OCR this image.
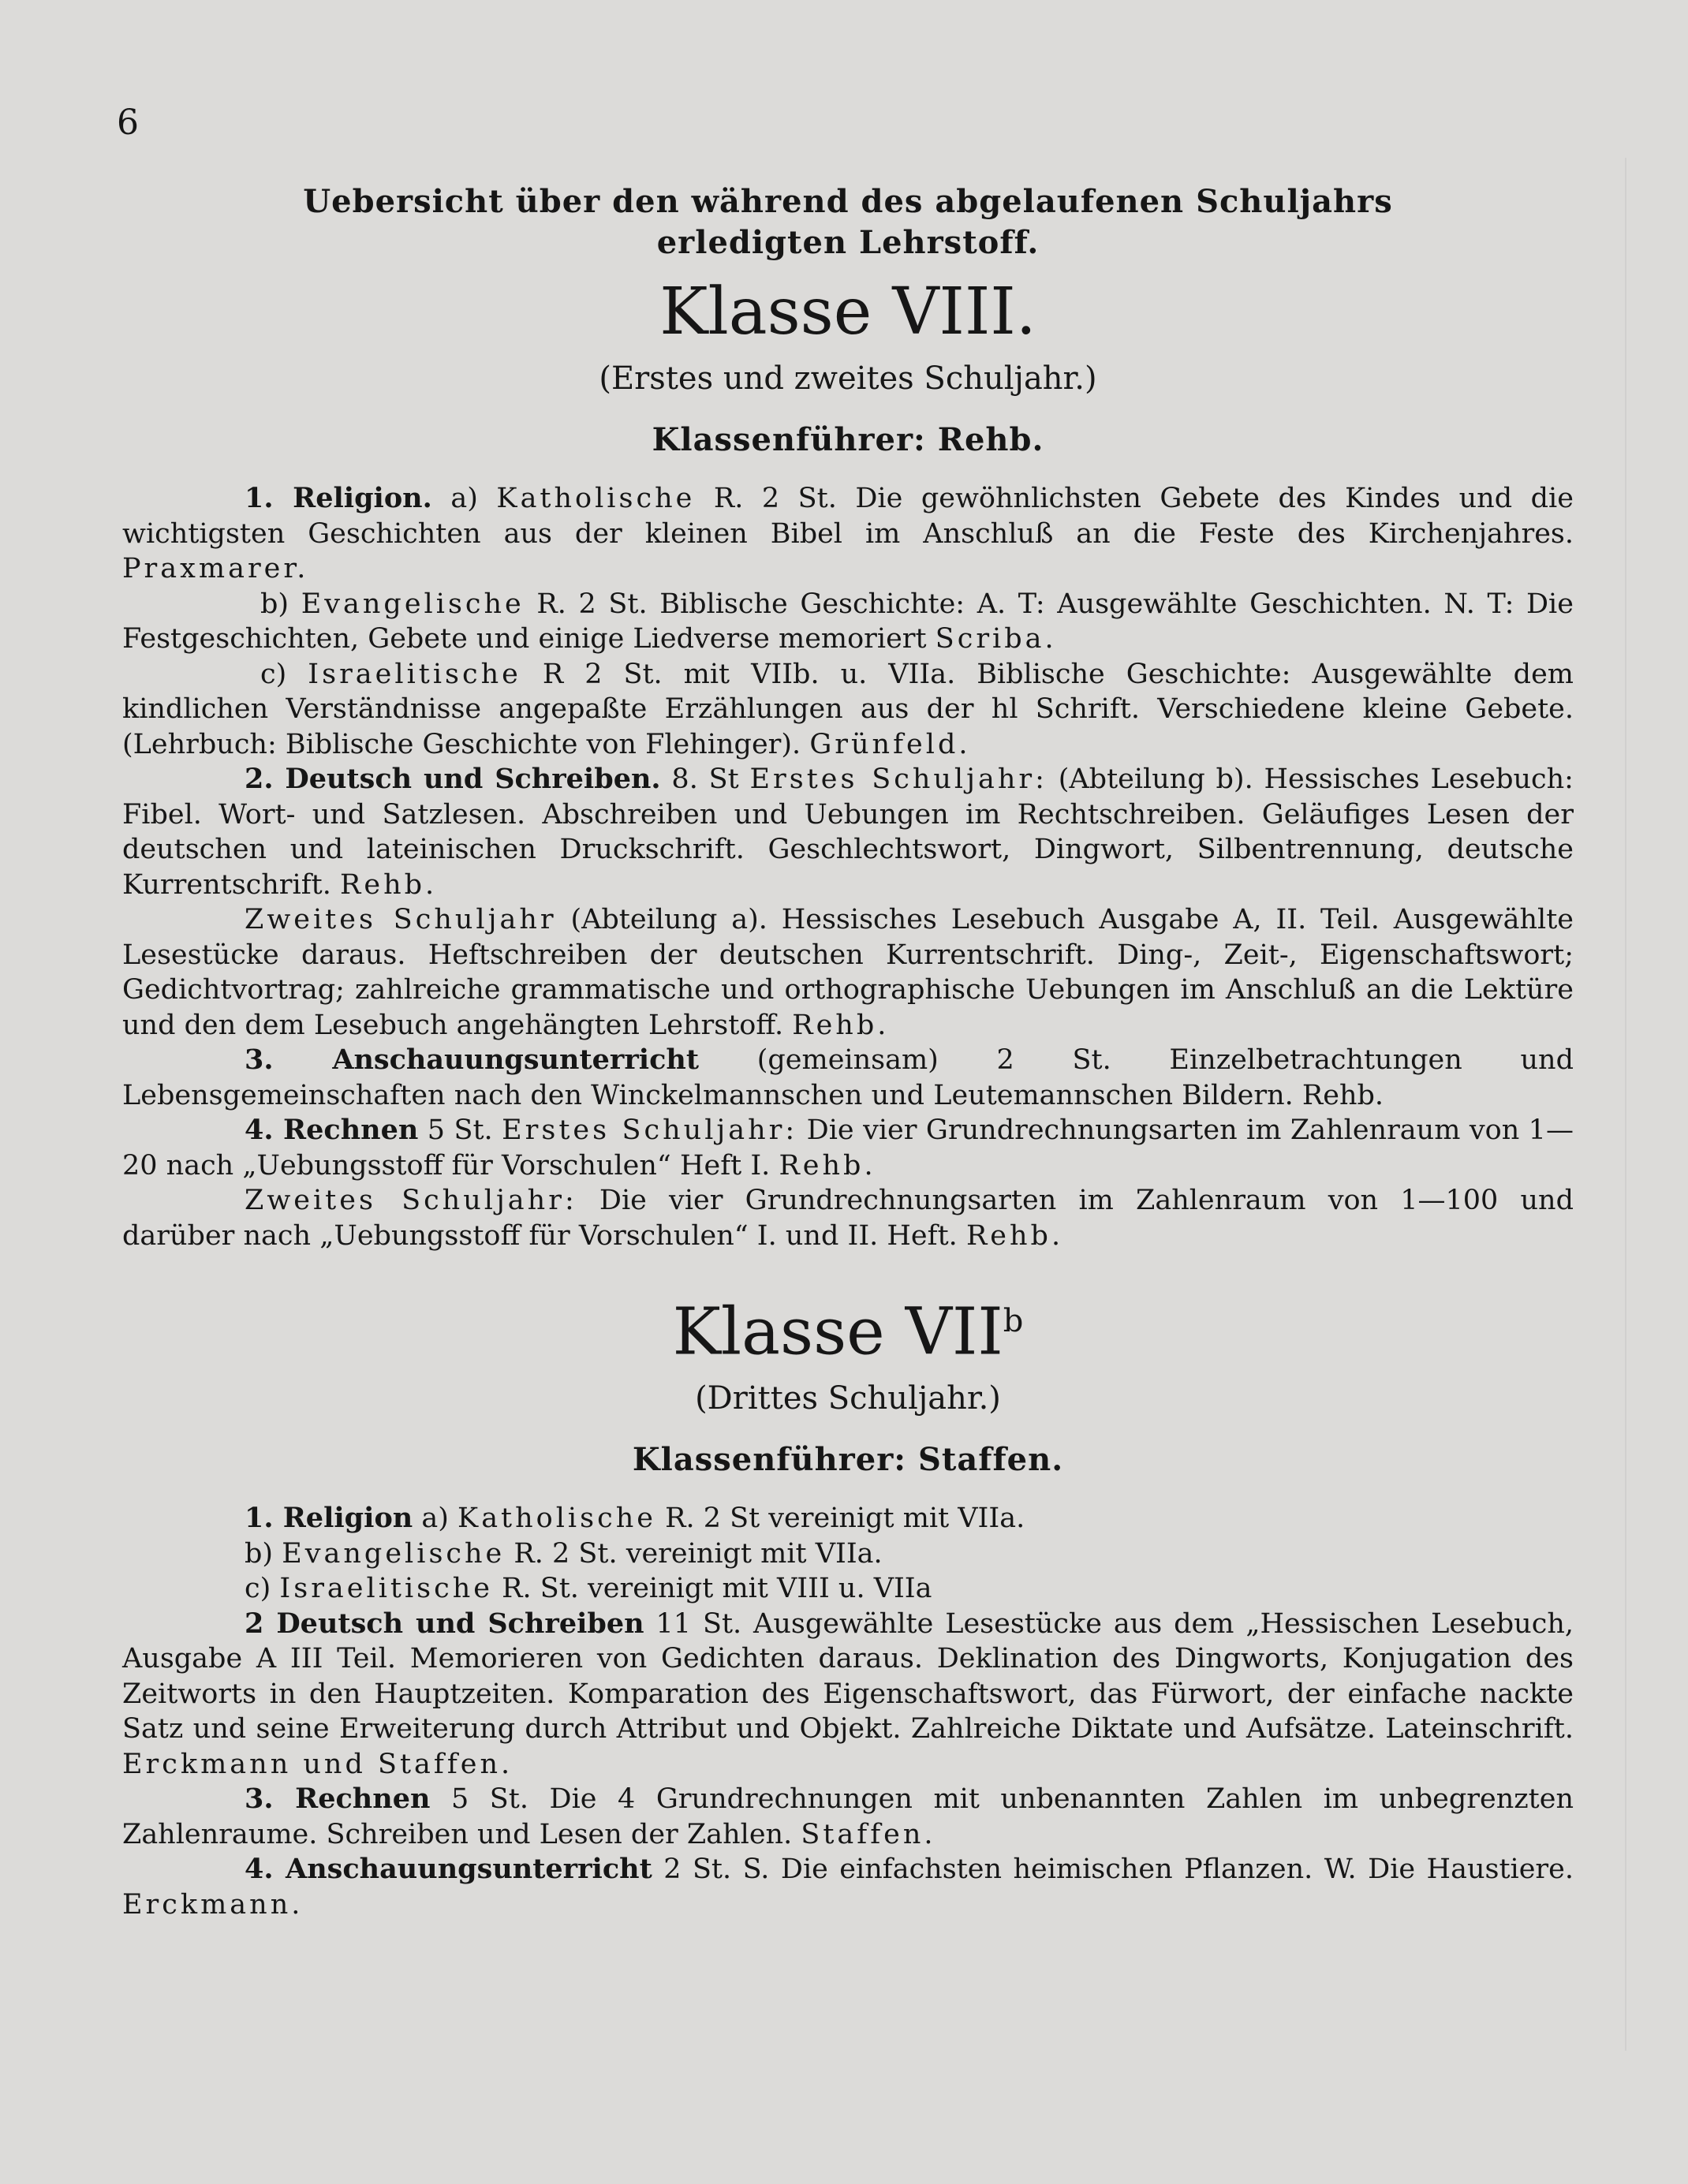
6
Uebersicht über den während des abgelaufenen Schuljahrs erledigten Lehrstoff.
Klasse VIII.
(Erstes und zweites Schuljahr.)
Klassenführer: Rehb.

1. Religion. a) Katholische R. 2 St. Die gewöhnlichsten Gebete des Kindes und die wichtigsten Geschichten aus der kleinen Bibel im Anschluß an die Feste des Kirchenjahres. Praxmarer.

b) Evangelische R. 2 St. Biblische Geschichte: A. T: Ausgewählte Geschichten. N. T: Die Festgeschichten, Gebete und einige Liedverse memoriert Scriba.

c) Israelitische R 2 St. mit VIIb. u. VIIa. Biblische Geschichte: Ausgewählte dem kindlichen Verständnisse angepaßte Erzählungen aus der hl Schrift. Verschiedene kleine Gebete. (Lehrbuch: Biblische Geschichte von Flehinger). Grünfeld.

2. Deutsch und Schreiben. 8. St Erstes Schuljahr: (Abteilung b). Hessisches Lesebuch: Fibel. Wort- und Satzlesen. Abschreiben und Uebungen im Rechtschreiben. Geläufiges Lesen der deutschen und lateinischen Druckschrift. Geschlechtswort, Dingwort, Silbentrennung, deutsche Kurrentschrift. Rehb.

Zweites Schuljahr (Abteilung a). Hessisches Lesebuch Ausgabe A, II. Teil. Ausgewählte Lesestücke daraus. Heftschreiben der deutschen Kurrentschrift. Ding-, Zeit-, Eigenschaftswort; Gedichtvortrag; zahlreiche grammatische und orthographische Uebungen im Anschluß an die Lektüre und den dem Lesebuch angehängten Lehrstoff. Rehb.

3. Anschauungsunterricht (gemeinsam) 2 St. Einzelbetrachtungen und Lebensgemeinschaften nach den Winckelmannschen und Leutemannschen Bildern. Rehb.

4. Rechnen 5 St. Erstes Schuljahr: Die vier Grundrechnungsarten im Zahlenraum von 1—20 nach „Uebungsstoff für Vorschulen“ Heft I. Rehb.

Zweites Schuljahr: Die vier Grundrechnungsarten im Zahlenraum von 1—100 und darüber nach „Uebungsstoff für Vorschulen“ I. und II. Heft. Rehb.

Klasse VII$^b$
(Drittes Schuljahr.)
Klassenführer: Staffen.

1. Religion a) Katholische R. 2 St vereinigt mit VIIa.

b) Evangelische R. 2 St. vereinigt mit VIIa.

c) Israelitische R. St. vereinigt mit VIII u. VIIa

2 Deutsch und Schreiben 11 St. Ausgewählte Lesestücke aus dem „Hessischen Lesebuch, Ausgabe A III Teil. Memorieren von Gedichten daraus. Deklination des Dingworts, Konjugation des Zeitworts in den Hauptzeiten. Komparation des Eigenschaftswort, das Fürwort, der einfache nackte Satz und seine Erweiterung durch Attribut und Objekt. Zahlreiche Diktate und Aufsätze. Lateinschrift. Erckmann und Staffen.

3. Rechnen 5 St. Die 4 Grundrechnungen mit unbenannten Zahlen im unbegrenzten Zahlenraume. Schreiben und Lesen der Zahlen. Staffen.

4. Anschauungsunterricht 2 St. S. Die einfachsten heimischen Pflanzen. W. Die Haustiere. Erckmann.
